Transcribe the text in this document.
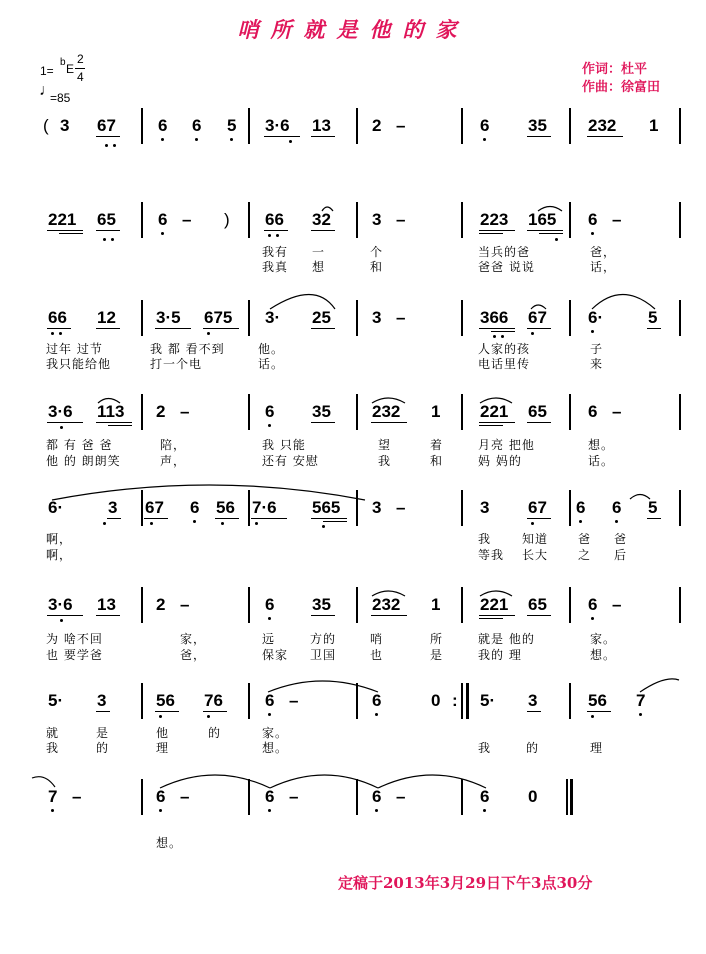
哨所就是他的家
作词：杜平
作曲：徐富田
1=
b E
2
4
♩
=85
( 3 67 6 6 5 3·6 13 2 –	6 35 232 1
221 65 6 – ) 66 32 3 –	223 165 6 –
我有 一	个	当兵的爸	爸，
我真 想	和	爸爸 说说	话，
66 12 3·5 675 3· 25 3 –	366 67 6·	5
过年 过节	我 都 看不到	他。	人家的孩	子
我只能给他	打一个电	话。	电话里传	来
3·6 113 2 –	6 35 232 1 221 65 6 –
都 有 爸 爸	陪，	我 只能	望	着	月亮 把他	想。
他 的 朗朗笑	声，	还有 安慰	我	和	妈 妈的	话。
6·	3 67 6 56 7·6 565 3 –	3 67 6 6 5
啊，	我	知道 爸 爸
啊，	等我 长大 之 后
3·6 13 2 –	6 35 232 1 221 65 6 –
为 啥不回	家，	远	方的	哨	所	就是 他的	家。
也 要学爸	爸，	保家 卫国	也	是	我的 理	想。
5· 3	56 76 6 –	6	0 : 5· 3	56 7
就	是	他	的	家。
我	的	理	想。	我	的	理
7 –	6 –	6 –	6 –	6 0
想。
定稿于2013年3月29日下午3点30分
